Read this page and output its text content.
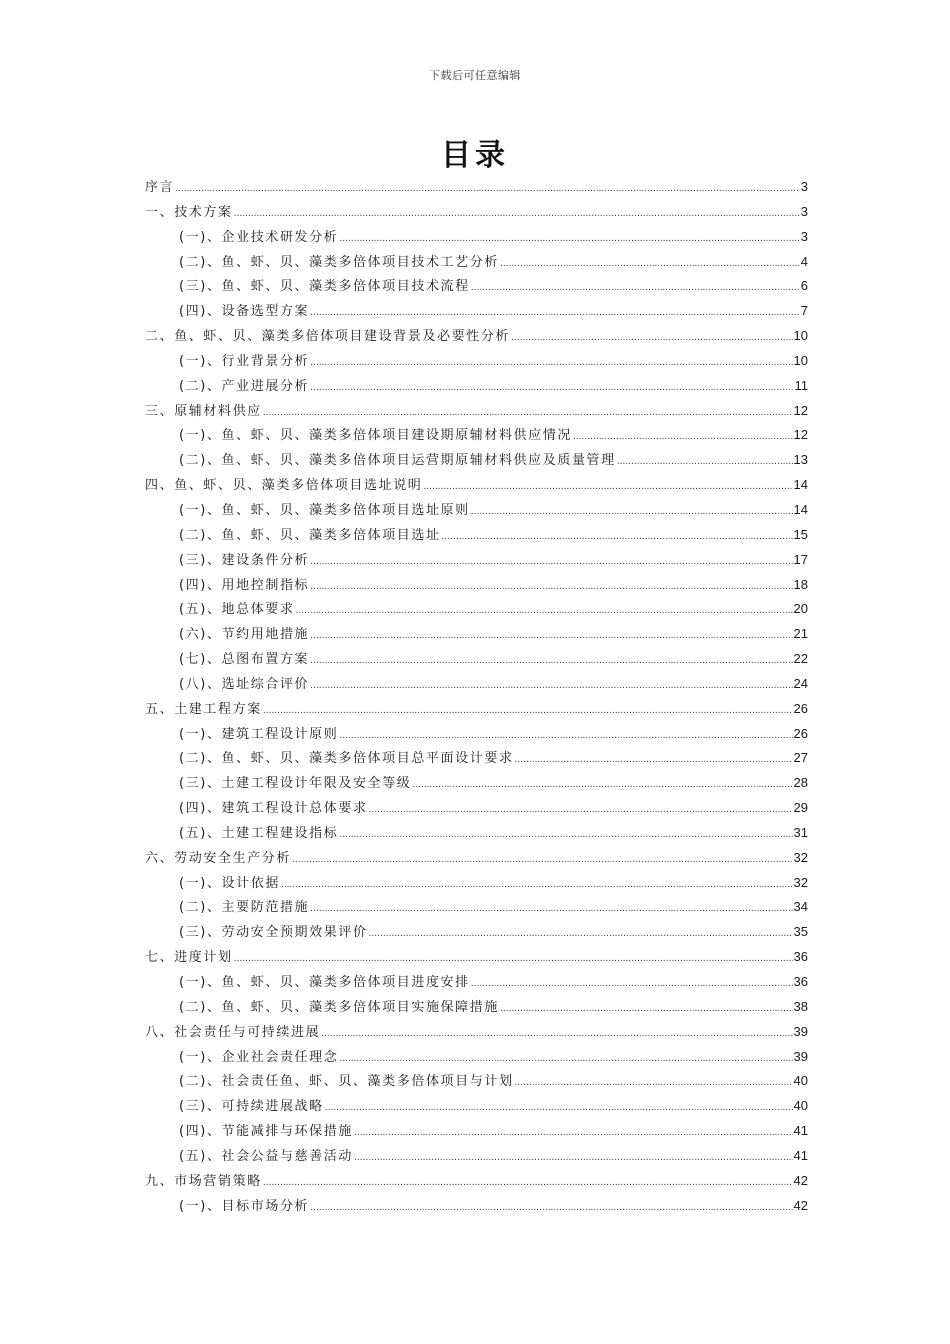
下载后可任意编辑
目录
序言 .....	3
一、技术方案 .....	3
(一)、企业技术研发分析 .....	3
(二)、鱼、虾、贝、藻类多倍体项目技术工艺分析 .....	4
(三)、鱼、虾、贝、藻类多倍体项目技术流程 .....	6
(四)、设备选型方案 .....	7
二、鱼、虾、贝、藻类多倍体项目建设背景及必要性分析 .....	10
(一)、行业背景分析 .....	10
(二)、产业进展分析 .....	11
三、原辅材料供应 .....	12
(一)、鱼、虾、贝、藻类多倍体项目建设期原辅材料供应情况 .....	12
(二)、鱼、虾、贝、藻类多倍体项目运营期原辅材料供应及质量管理 .....	13
四、鱼、虾、贝、藻类多倍体项目选址说明 .....	14
(一)、鱼、虾、贝、藻类多倍体项目选址原则 .....	14
(二)、鱼、虾、贝、藻类多倍体项目选址 .....	15
(三)、建设条件分析 .....	17
(四)、用地控制指标 .....	18
(五)、地总体要求 .....	20
(六)、节约用地措施 .....	21
(七)、总图布置方案 .....	22
(八)、选址综合评价 .....	24
五、土建工程方案 .....	26
(一)、建筑工程设计原则 .....	26
(二)、鱼、虾、贝、藻类多倍体项目总平面设计要求 .....	27
(三)、土建工程设计年限及安全等级 .....	28
(四)、建筑工程设计总体要求 .....	29
(五)、土建工程建设指标 .....	31
六、劳动安全生产分析 .....	32
(一)、设计依据 .....	32
(二)、主要防范措施 .....	34
(三)、劳动安全预期效果评价 .....	35
七、进度计划 .....	36
(一)、鱼、虾、贝、藻类多倍体项目进度安排 .....	36
(二)、鱼、虾、贝、藻类多倍体项目实施保障措施 .....	38
八、社会责任与可持续进展 .....	39
(一)、企业社会责任理念 .....	39
(二)、社会责任鱼、虾、贝、藻类多倍体项目与计划 .....	40
(三)、可持续进展战略 .....	40
(四)、节能减排与环保措施 .....	41
(五)、社会公益与慈善活动 .....	41
九、市场营销策略 .....	42
(一)、目标市场分析 .....	42
